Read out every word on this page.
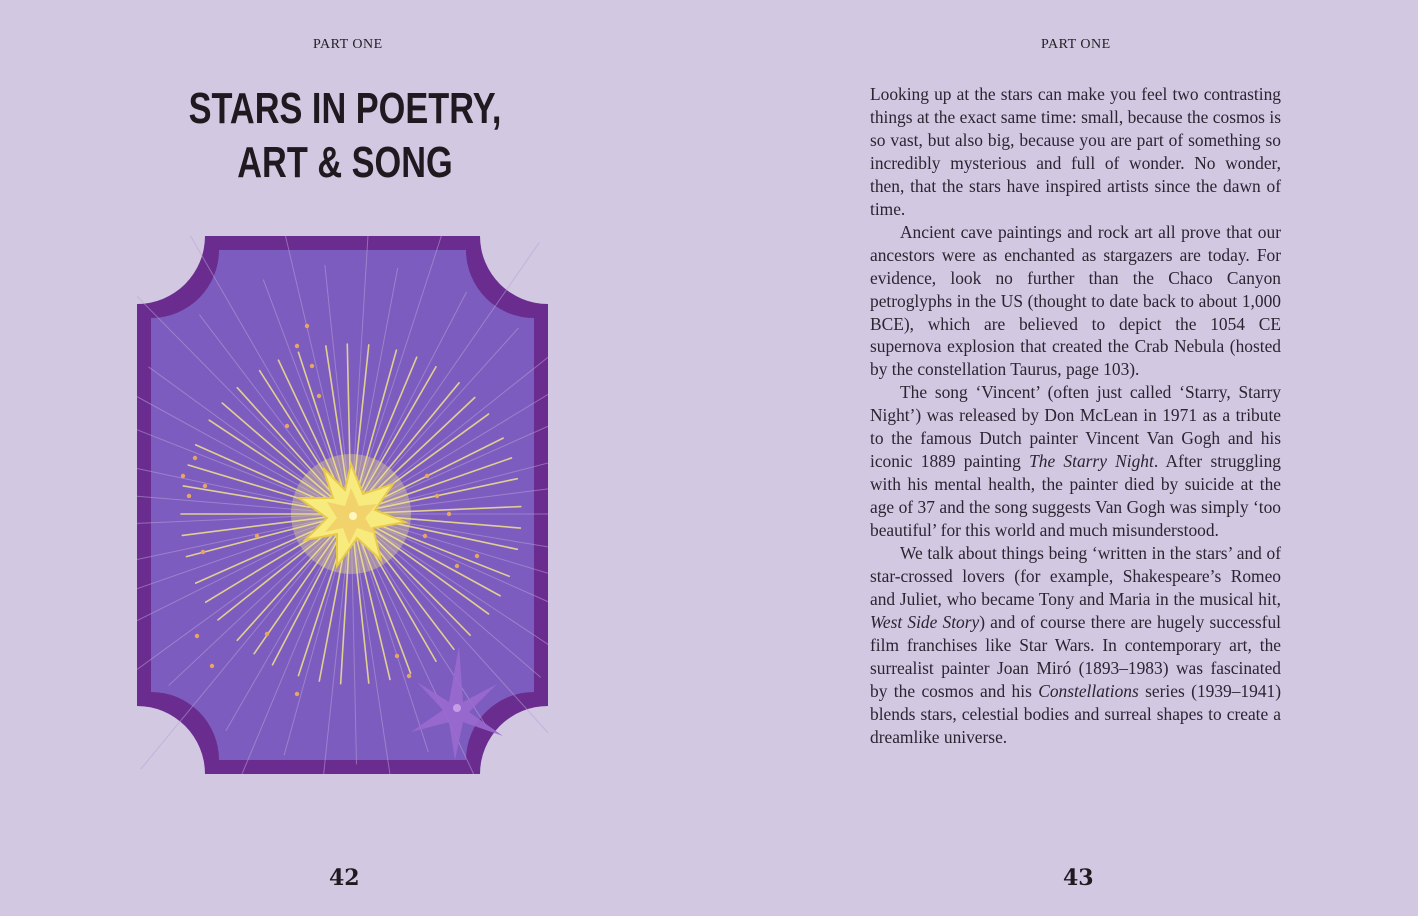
PART ONE
STARS IN POETRY,
ART & SONG
42
PART ONE

Looking up at the stars can make you feel two contrasting things at the exact same time: small, because the cosmos is so vast, but also big, because you are part of something so incredibly mysterious and full of wonder. No wonder, then, that the stars have inspired artists since the dawn of time.

Ancient cave paintings and rock art all prove that our ancestors were as enchanted as stargazers are today. For evidence, look no further than the Chaco Canyon petroglyphs in the US (thought to date back to about 1,000 BCE), which are believed to depict the 1054 CE supernova explosion that created the Crab Nebula (hosted by the constellation Taurus, page 103).

The song ‘Vincent’ (often just called ‘Starry, Starry Night’) was released by Don McLean in 1971 as a tribute to the famous Dutch painter Vincent Van Gogh and his iconic 1889 painting The Starry Night. After struggling with his mental health, the painter died by suicide at the age of 37 and the song suggests Van Gogh was simply ‘too beautiful’ for this world and much misunderstood.

We talk about things being ‘written in the stars’ and of star-crossed lovers (for example, Shakespeare’s Romeo and Juliet, who became Tony and Maria in the musical hit, West Side Story) and of course there are hugely successful film franchises like Star Wars. In contemporary art, the surrealist painter Joan Miró (1893–1983) was fascinated by the cosmos and his Constellations series (1939–1941) blends stars, celestial bodies and surreal shapes to create a dreamlike universe.

43
